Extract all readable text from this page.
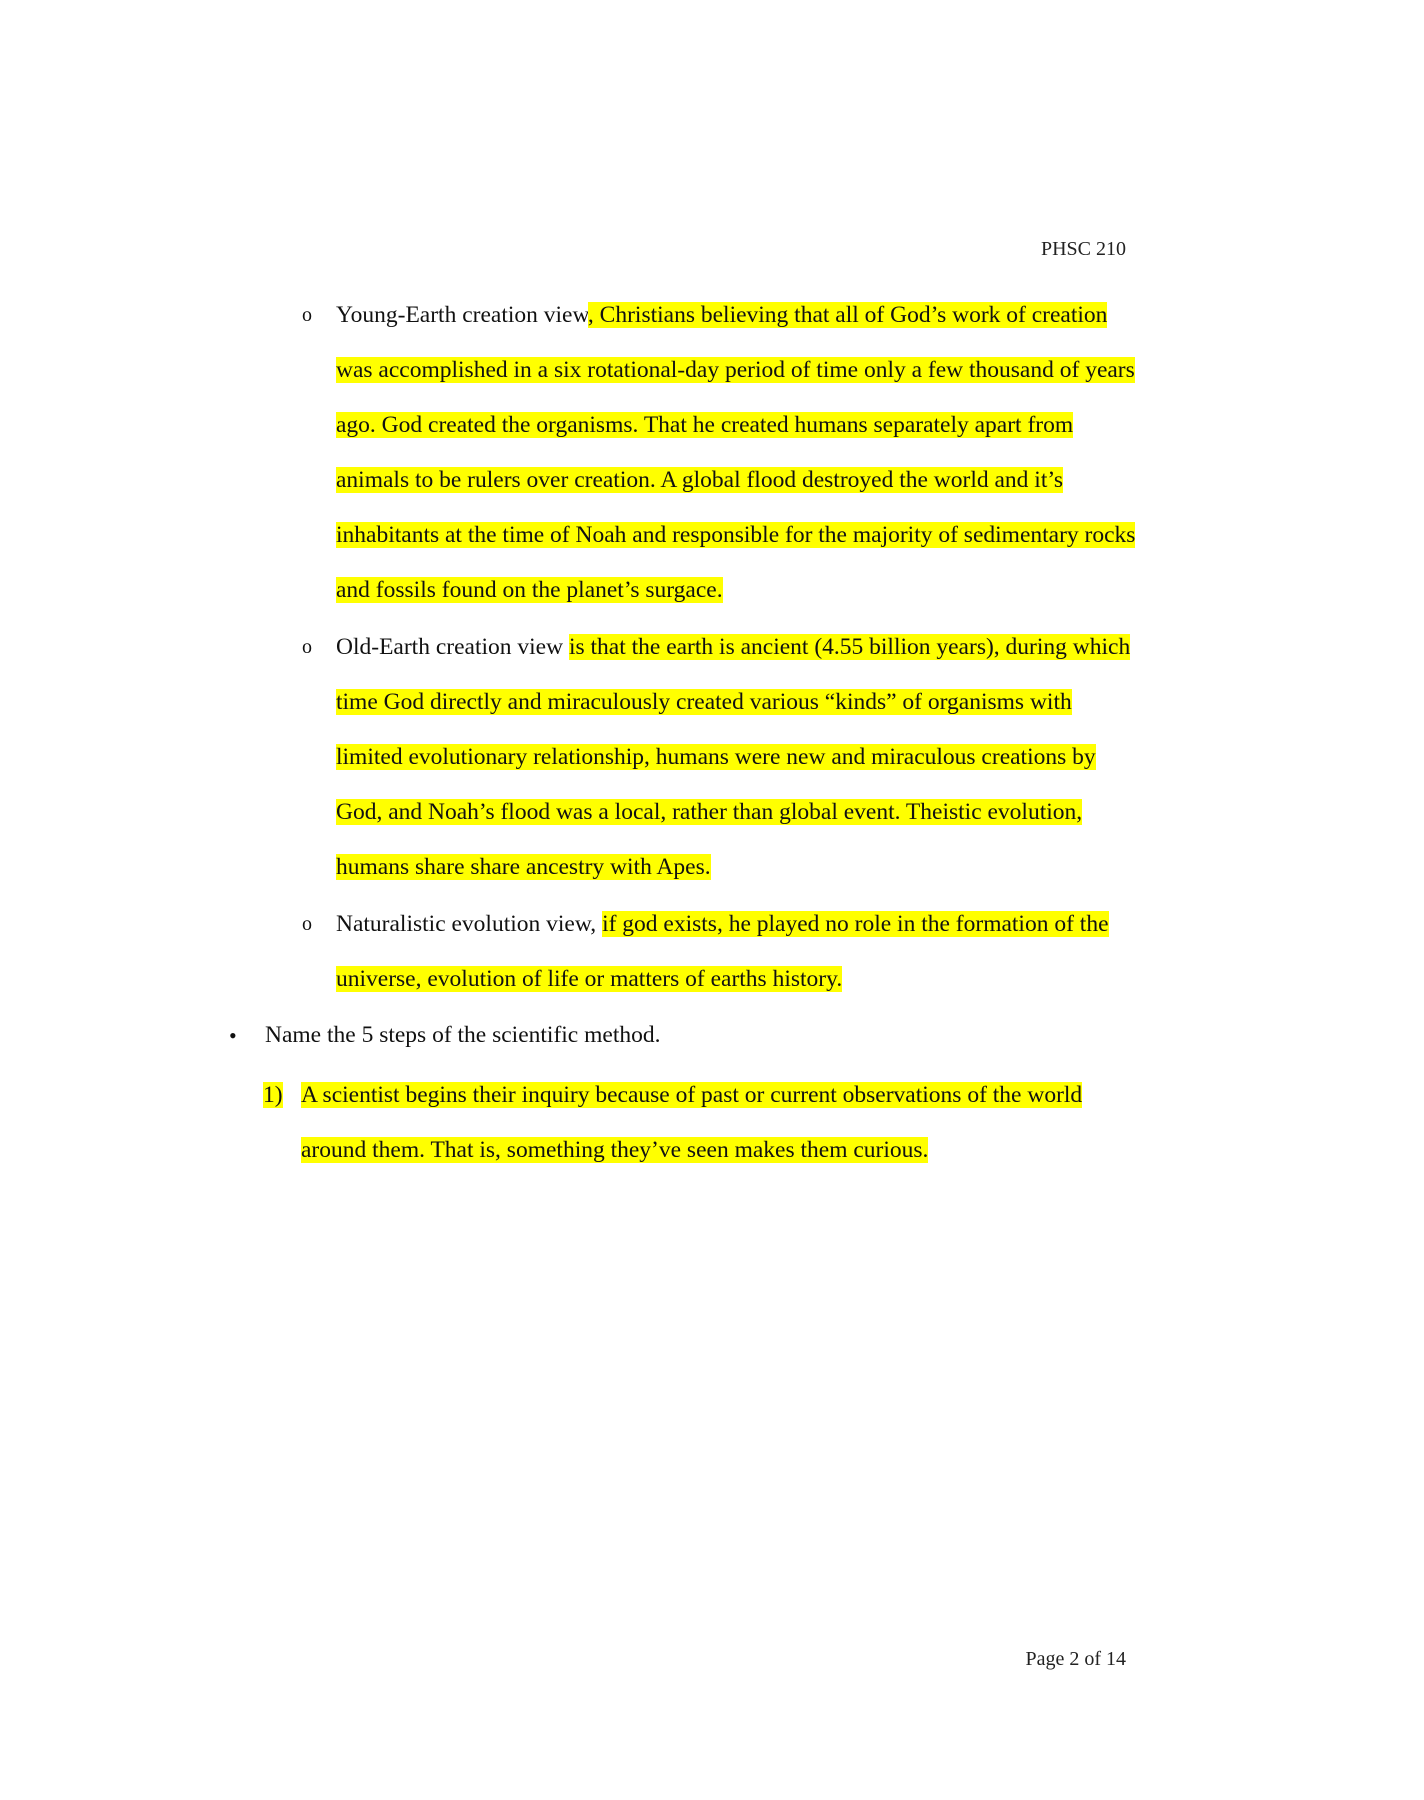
PHSC 210
o Young-Earth creation view, Christians believing that all of God’s work of creation was accomplished in a six rotational-day period of time only a few thousand of years ago. God created the organisms. That he created humans separately apart from animals to be rulers over creation. A global flood destroyed the world and it’s inhabitants at the time of Noah and responsible for the majority of sedimentary rocks and fossils found on the planet’s surgace.
o Old-Earth creation view is that the earth is ancient (4.55 billion years), during which time God directly and miraculously created various “kinds” of organisms with limited evolutionary relationship, humans were new and miraculous creations by God, and Noah’s flood was a local, rather than global event. Theistic evolution, humans share share ancestry with Apes.
o Naturalistic evolution view, if god exists, he played no role in the formation of the universe, evolution of life or matters of earths history.
• Name the 5 steps of the scientific method.
1) A scientist begins their inquiry because of past or current observations of the world around them. That is, something they’ve seen makes them curious.
Page 2 of 14
